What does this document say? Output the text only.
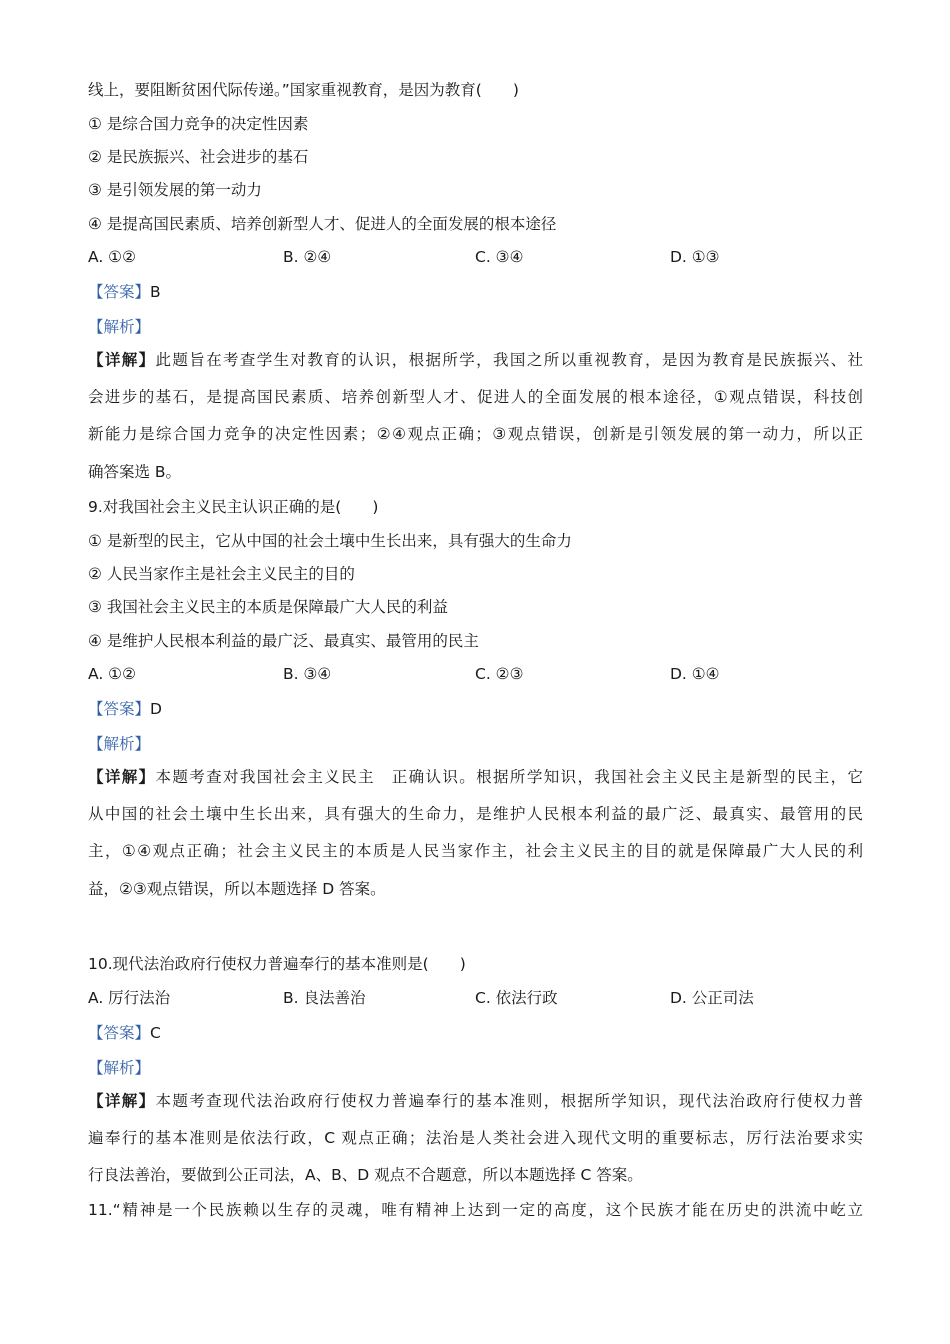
线上，要阻断贫困代际传递。”国家重视教育，是因为教育(　　)
① 是综合国力竞争的决定性因素
② 是民族振兴、社会进步的基石
③ 是引领发展的第一动力
④ 是提高国民素质、培养创新型人才、促进人的全面发展的根本途径
A. ①②	B. ②④	C. ③④	D. ①③
【答案】B
【解析】
【详解】此题旨在考查学生对教育的认识，根据所学，我国之所以重视教育，是因为教育是民族振兴、社
会进步的基石，是提高国民素质、培养创新型人才、促进人的全面发展的根本途径，①观点错误，科技创
新能力是综合国力竞争的决定性因素；②④观点正确；③观点错误，创新是引领发展的第一动力，所以正
确答案选 B。
9.对我国社会主义民主认识正确的是(　　)
① 是新型的民主，它从中国的社会土壤中生长出来，具有强大的生命力
② 人民当家作主是社会主义民主的目的
③ 我国社会主义民主的本质是保障最广大人民的利益
④ 是维护人民根本利益的最广泛、最真实、最管用的民主
A. ①②	B. ③④	C. ②③	D. ①④
【答案】D
【解析】
【详解】本题考查对我国社会主义民主　正确认识。根据所学知识，我国社会主义民主是新型的民主，它
从中国的社会土壤中生长出来，具有强大的生命力，是维护人民根本利益的最广泛、最真实、最管用的民
主，①④观点正确；社会主义民主的本质是人民当家作主，社会主义民主的目的就是保障最广大人民的利
益，②③观点错误，所以本题选择 D 答案。
10.现代法治政府行使权力普遍奉行的基本准则是(　　)
A. 厉行法治	B. 良法善治	C. 依法行政	D. 公正司法
【答案】C
【解析】
【详解】本题考查现代法治政府行使权力普遍奉行的基本准则，根据所学知识，现代法治政府行使权力普
遍奉行的基本准则是依法行政，C 观点正确；法治是人类社会进入现代文明的重要标志，厉行法治要求实
行良法善治，要做到公正司法，A、B、D 观点不合题意，所以本题选择 C 答案。
11.“精神是一个民族赖以生存的灵魂，唯有精神上达到一定的高度，这个民族才能在历史的洪流中屹立
